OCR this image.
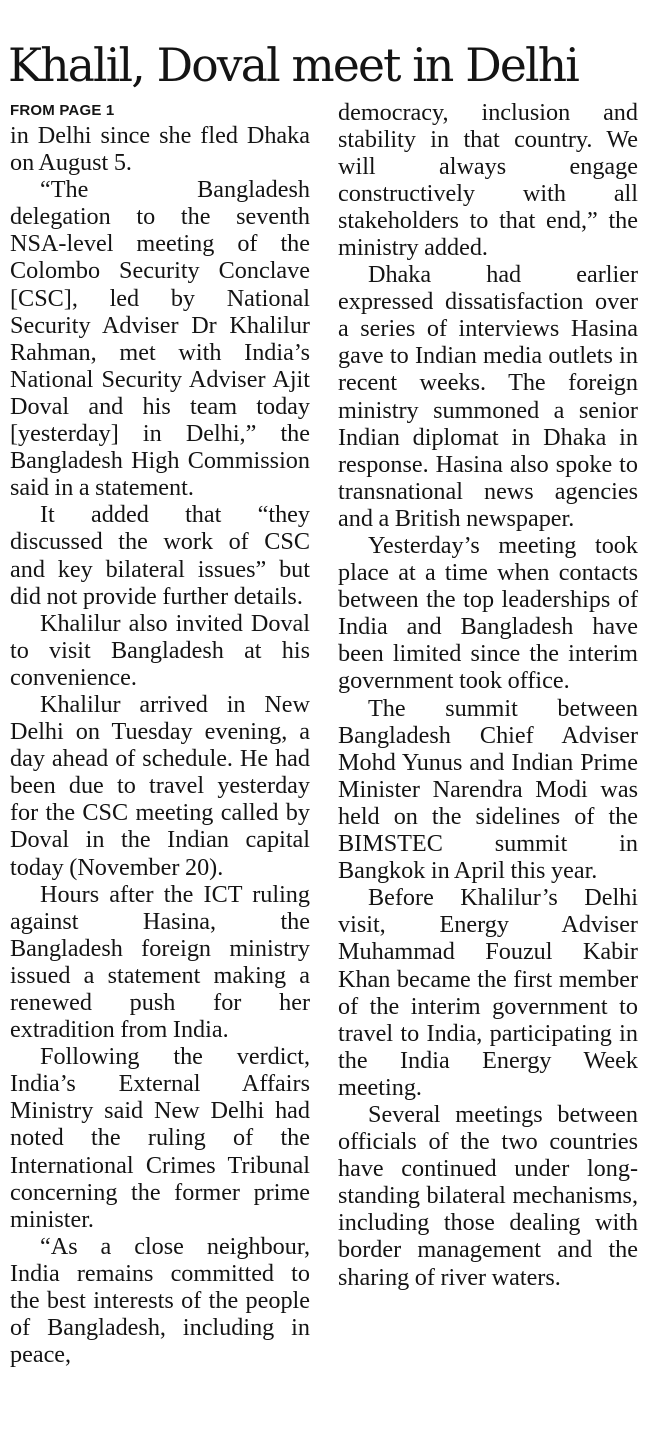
Khalil, Doval meet in Delhi
FROM PAGE 1

in Delhi since she fled Dhaka on August 5.

“The Bangladesh delegation to the seventh NSA-level meeting of the Colombo Security Conclave [CSC], led by National Security Adviser Dr Khalilur Rahman, met with India’s National Security Adviser Ajit Doval and his team today [yesterday] in Delhi,” the Bangladesh High Commission said in a statement.

It added that “they discussed the work of CSC and key bilateral issues” but did not provide further details.

Khalilur also invited Doval to visit Bangladesh at his convenience.

Khalilur arrived in New Delhi on Tuesday evening, a day ahead of schedule. He had been due to travel yesterday for the CSC meeting called by Doval in the Indian capital today (November 20).

Hours after the ICT ruling against Hasina, the Bangladesh foreign ministry issued a statement making a renewed push for her extradition from India.

Following the verdict, India’s External Affairs Ministry said New Delhi had noted the ruling of the International Crimes Tribunal concerning the former prime minister.

“As a close neighbour, India remains committed to the best interests of the people of Bangladesh, including in peace,

democracy, inclusion and stability in that country. We will always engage constructively with all stakeholders to that end,” the ministry added.

Dhaka had earlier expressed dissatisfaction over a series of interviews Hasina gave to Indian media outlets in recent weeks. The foreign ministry summoned a senior Indian diplomat in Dhaka in response. Hasina also spoke to transnational news agencies and a British newspaper.

Yesterday’s meeting took place at a time when contacts between the top leaderships of India and Bangladesh have been limited since the interim government took office.

The summit between Bangladesh Chief Adviser Mohd Yunus and Indian Prime Minister Narendra Modi was held on the sidelines of the BIMSTEC summit in Bangkok in April this year.

Before Khalilur’s Delhi visit, Energy Adviser Muhammad Fouzul Kabir Khan became the first member of the interim government to travel to India, participating in the India Energy Week meeting.

Several meetings between officials of the two countries have continued under long-standing bilateral mechanisms, including those dealing with border management and the sharing of river waters.
